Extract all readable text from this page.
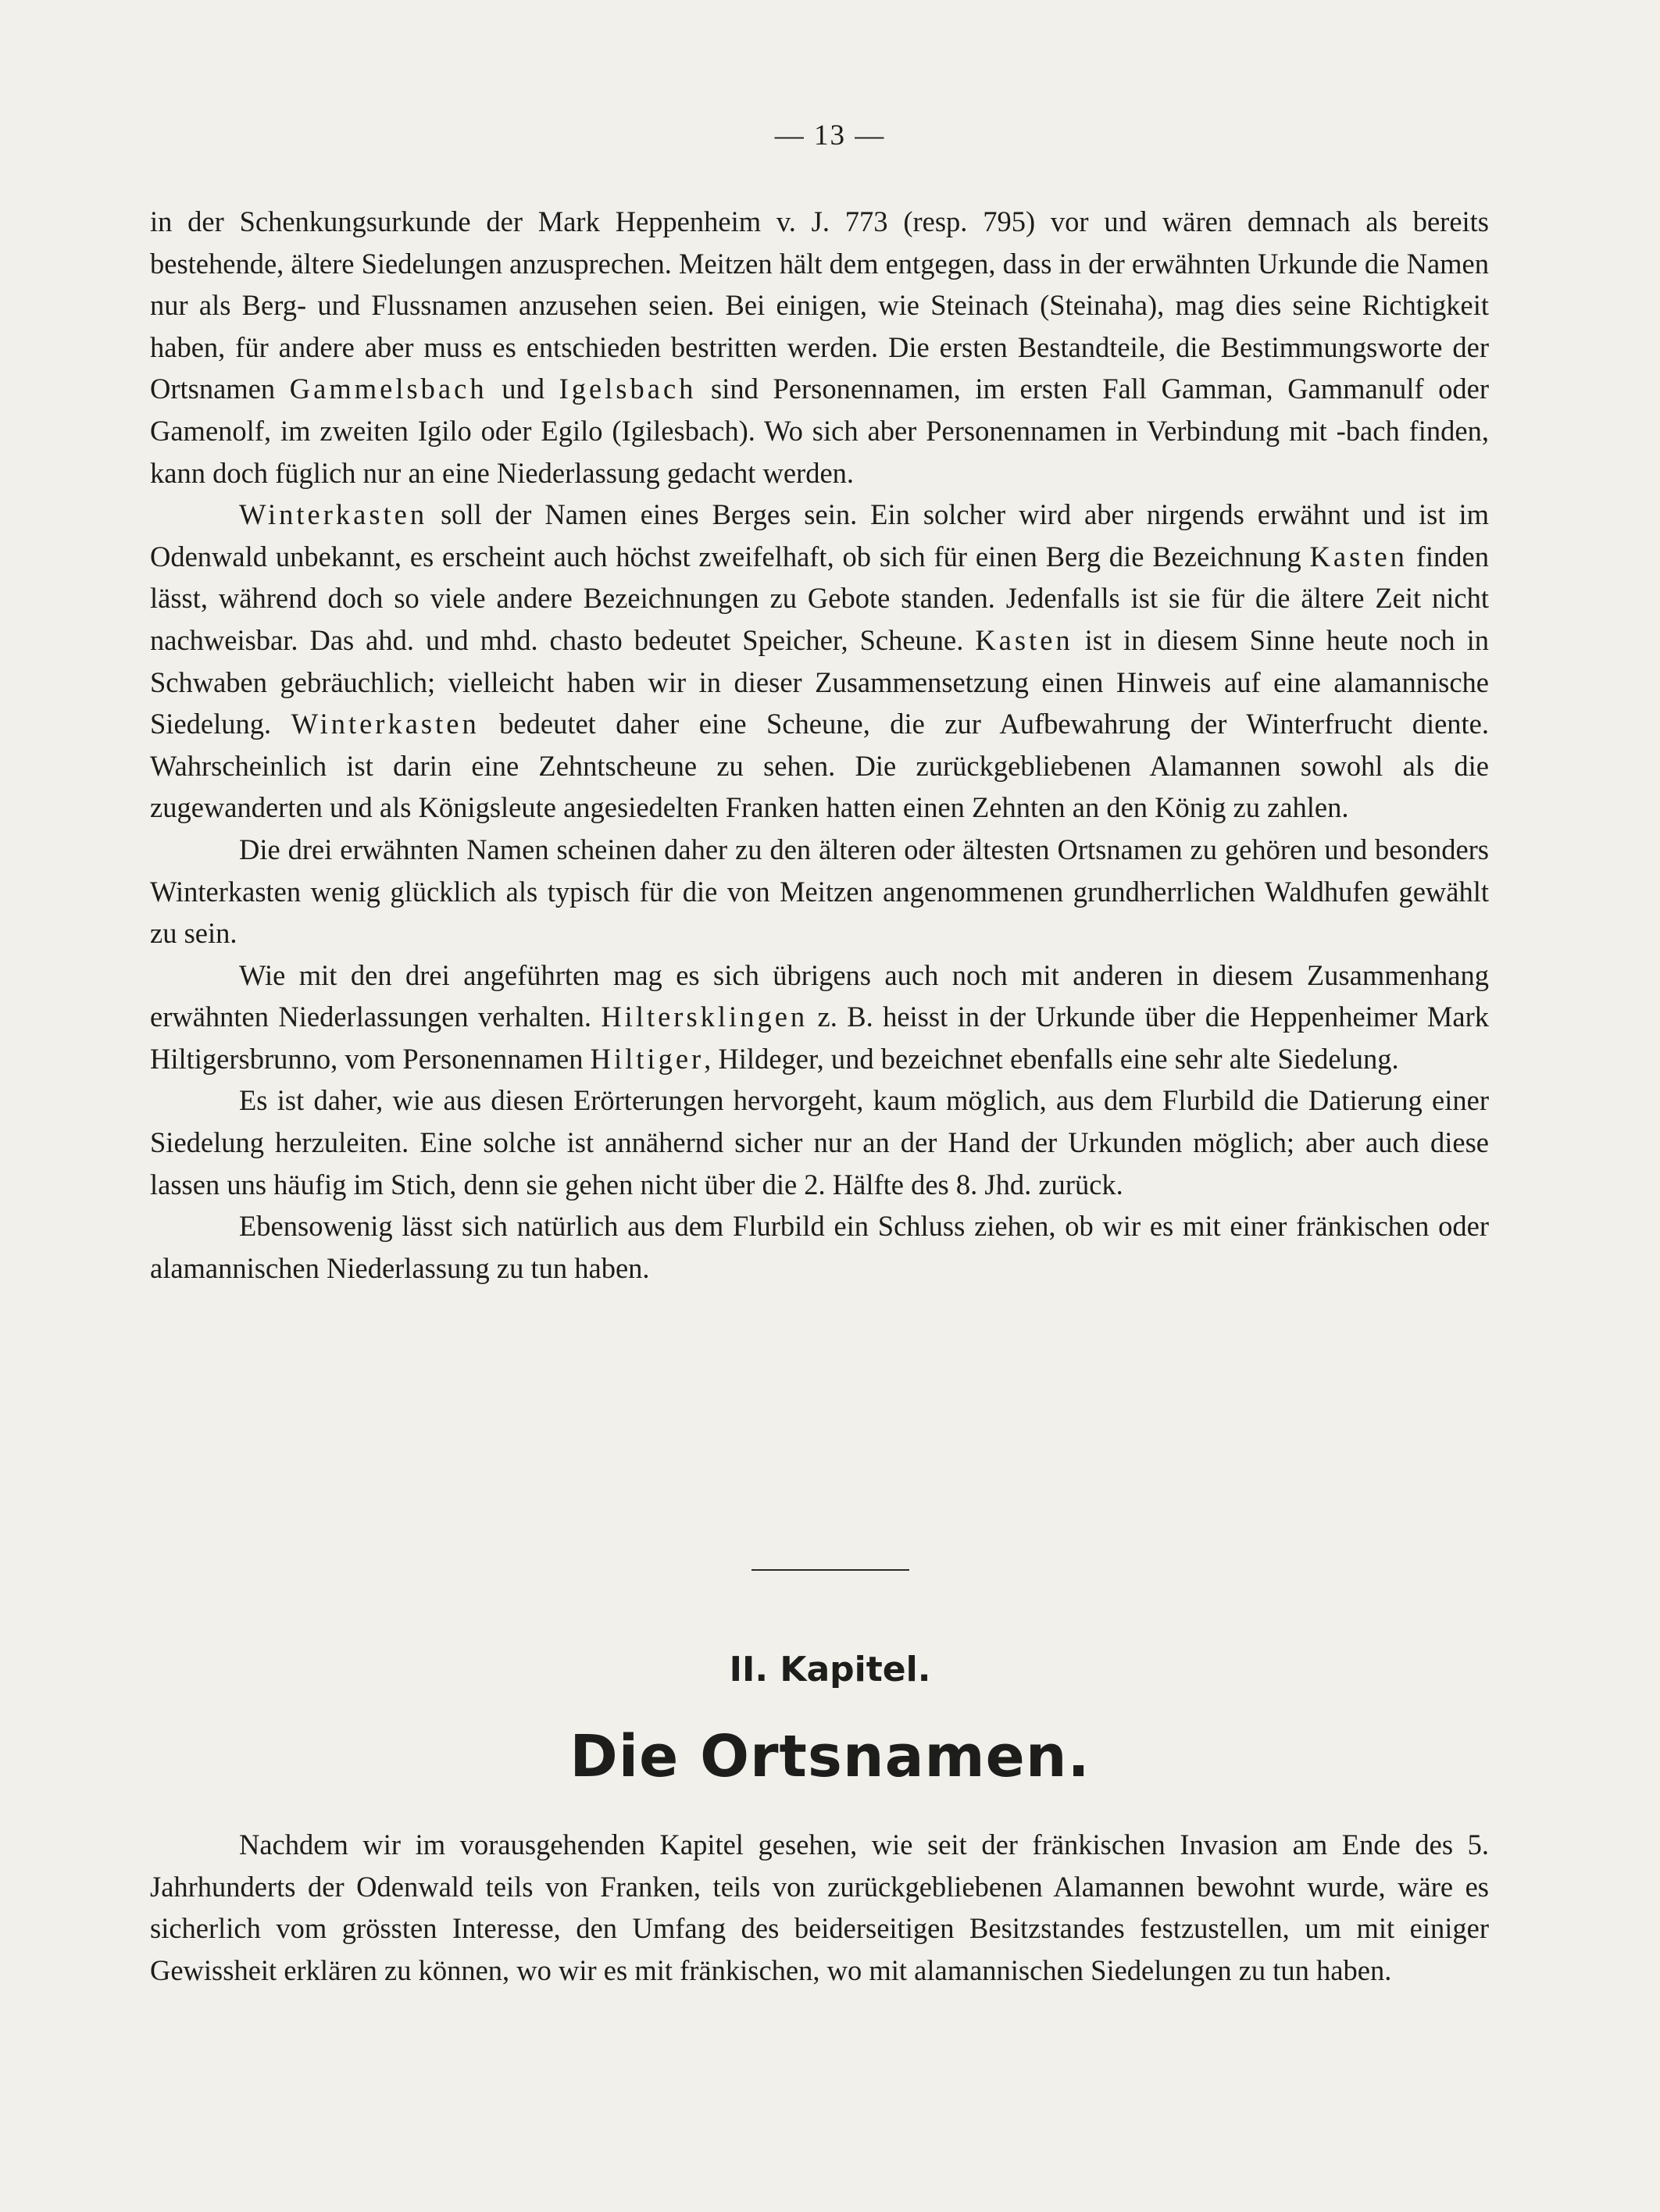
— 13 —

in der Schenkungsurkunde der Mark Heppenheim v. J. 773 (resp. 795) vor und wären demnach als bereits bestehende, ältere Siedelungen anzusprechen. Meitzen hält dem entgegen, dass in der erwähnten Urkunde die Namen nur als Berg- und Flussnamen anzusehen seien. Bei einigen, wie Steinach (Steinaha), mag dies seine Richtigkeit haben, für andere aber muss es entschieden bestritten werden. Die ersten Bestandteile, die Bestimmungsworte der Ortsnamen Gammelsbach und Igelsbach sind Personennamen, im ersten Fall Gamman, Gammanulf oder Gamenolf, im zweiten Igilo oder Egilo (Igilesbach). Wo sich aber Personennamen in Verbindung mit -bach finden, kann doch füglich nur an eine Niederlassung gedacht werden.

Winterkasten soll der Namen eines Berges sein. Ein solcher wird aber nirgends erwähnt und ist im Odenwald unbekannt, es erscheint auch höchst zweifelhaft, ob sich für einen Berg die Bezeichnung Kasten finden lässt, während doch so viele andere Bezeichnungen zu Gebote standen. Jedenfalls ist sie für die ältere Zeit nicht nachweisbar. Das ahd. und mhd. chasto bedeutet Speicher, Scheune. Kasten ist in diesem Sinne heute noch in Schwaben gebräuchlich; vielleicht haben wir in dieser Zusammensetzung einen Hinweis auf eine alamannische Siedelung. Winterkasten bedeutet daher eine Scheune, die zur Aufbewahrung der Winterfrucht diente. Wahrscheinlich ist darin eine Zehntscheune zu sehen. Die zurückgebliebenen Alamannen sowohl als die zugewanderten und als Königsleute angesiedelten Franken hatten einen Zehnten an den König zu zahlen.

Die drei erwähnten Namen scheinen daher zu den älteren oder ältesten Ortsnamen zu gehören und besonders Winterkasten wenig glücklich als typisch für die von Meitzen angenommenen grundherrlichen Waldhufen gewählt zu sein.

Wie mit den drei angeführten mag es sich übrigens auch noch mit anderen in diesem Zusammenhang erwähnten Niederlassungen verhalten. Hiltersklingen z. B. heisst in der Urkunde über die Heppenheimer Mark Hiltigersbrunno, vom Personennamen Hiltiger, Hildeger, und bezeichnet ebenfalls eine sehr alte Siedelung.

Es ist daher, wie aus diesen Erörterungen hervorgeht, kaum möglich, aus dem Flurbild die Datierung einer Siedelung herzuleiten. Eine solche ist annähernd sicher nur an der Hand der Urkunden möglich; aber auch diese lassen uns häufig im Stich, denn sie gehen nicht über die 2. Hälfte des 8. Jhd. zurück.

Ebensowenig lässt sich natürlich aus dem Flurbild ein Schluss ziehen, ob wir es mit einer fränkischen oder alamannischen Niederlassung zu tun haben.

II. Kapitel.
Die Ortsnamen.

Nachdem wir im vorausgehenden Kapitel gesehen, wie seit der fränkischen Invasion am Ende des 5. Jahrhunderts der Odenwald teils von Franken, teils von zurückgebliebenen Alamannen bewohnt wurde, wäre es sicherlich vom grössten Interesse, den Umfang des beiderseitigen Besitzstandes festzustellen, um mit einiger Gewissheit erklären zu können, wo wir es mit fränkischen, wo mit alamannischen Siedelungen zu tun haben.
